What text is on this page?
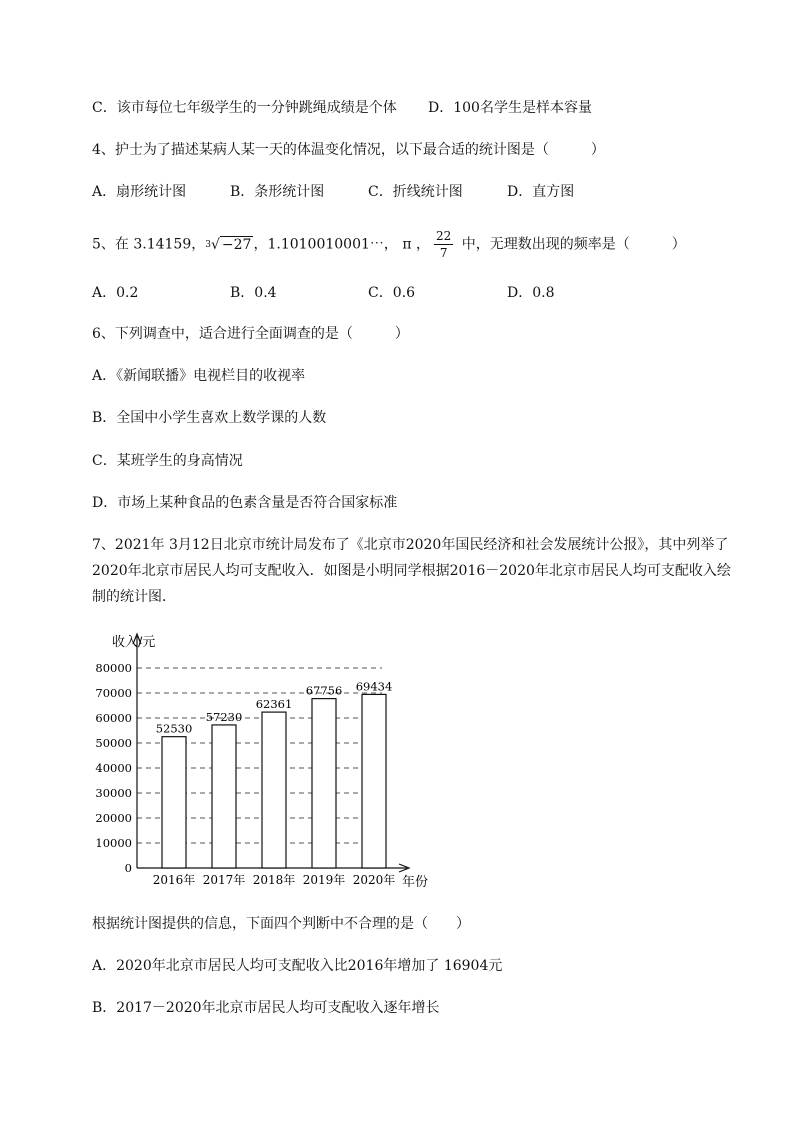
C．该市每位七年级学生的一分钟跳绳成绩是个体 D．100名学生是样本容量
4、护士为了描述某病人某一天的体温变化情况，以下最合适的统计图是（　　　）
A．扇形统计图	B．条形统计图	C．折线统计图	D．直方图
5、在 3.14159，$^3$√ −27 ，1.1010010001⋯， π ， $\frac{22}{7}$ 中，无理数出现的频率是（　　　）
A．0.2	B．0.4	C．0.6	D．0.8
6、下列调查中，适合进行全面调查的是（　　　）
A．《新闻联播》电视栏目的收视率
B．全国中小学生喜欢上数学课的人数
C．某班学生的身高情况
D．市场上某种食品的色素含量是否符合国家标准
7、2021年 3月12日北京市统计局发布了《北京市2020年国民经济和社会发展统计公报》，其中列举了 2020年北京市居民人均可支配收入．如图是小明同学根据2016－2020年北京市居民人均可支配收入绘制的统计图．
0
10000
20000
30000
40000
50000
60000
70000
80000
收入/元
年份
2016年 2017年 2018年 2019年 2020年
52530
57230
62361
67756 69434
根据统计图提供的信息，下面四个判断中不合理的是（　　）
A．2020年北京市居民人均可支配收入比2016年增加了 16904元
B．2017－2020年北京市居民人均可支配收入逐年增长
